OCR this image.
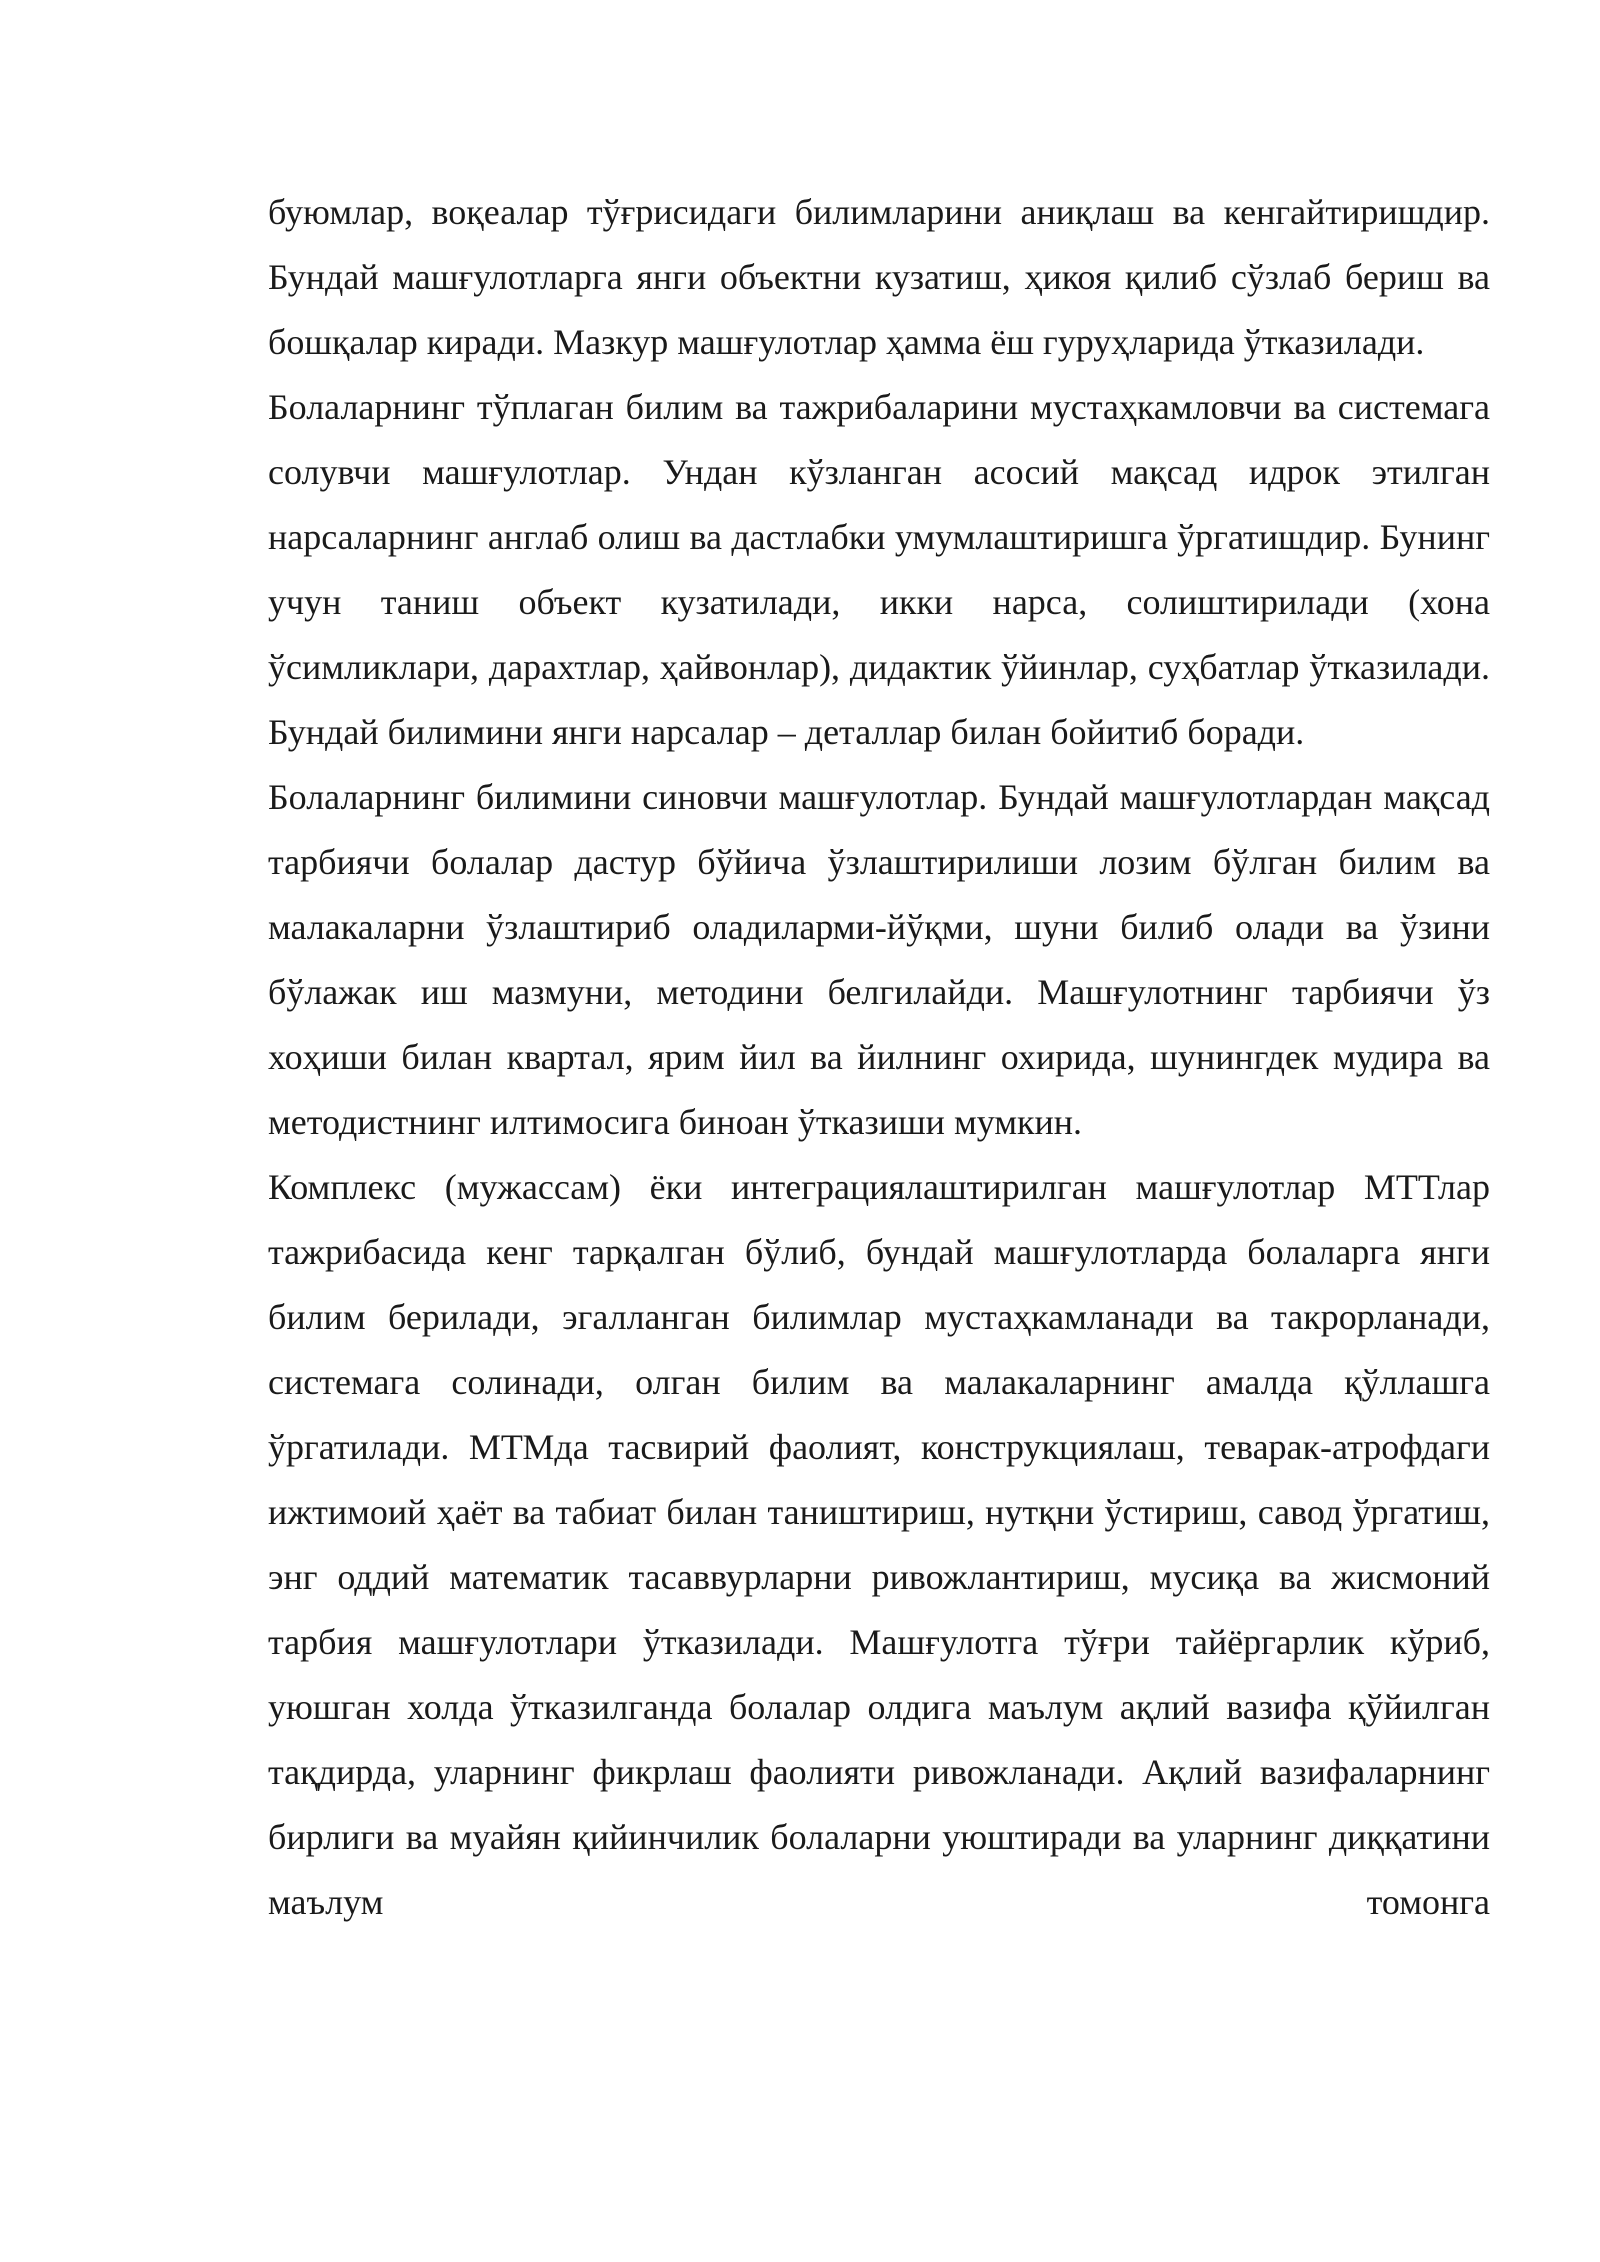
буюмлар, воқеалар тўғрисидаги билимларини аниқлаш ва кенгайтиришдир. Бундай машғулотларга янги объектни кузатиш, ҳикоя қилиб сўзлаб бериш ва бошқалар киради. Мазкур машғулотлар ҳамма ёш гуруҳларида ўтказилади.

Болаларнинг тўплаган билим ва тажрибаларини мустаҳкамловчи ва системага солувчи машғулотлар. Ундан кўзланган асосий мақсад идрок этилган нарсаларнинг англаб олиш ва дастлабки умумлаштиришга ўргатишдир. Бунинг учун таниш объект кузатилади, икки нарса, солиштирилади (хона ўсимликлари, дарахтлар, ҳайвонлар), дидактик ўйинлар, суҳбатлар ўтказилади. Бундай билимини янги нарсалар – деталлар билан бойитиб боради.

Болаларнинг билимини синовчи машғулотлар. Бундай машғулотлардан мақсад тарбиячи болалар дастур бўйича ўзлаштирилиши лозим бўлган билим ва малакаларни ўзлаштириб оладиларми-йўқми, шуни билиб олади ва ўзини бўлажак иш мазмуни, методини белгилайди. Машғулотнинг тарбиячи ўз хоҳиши билан квартал, ярим йил ва йилнинг охирида, шунингдек мудира ва методистнинг илтимосига биноан ўтказиши мумкин.

Комплекс (мужассам) ёки интеграциялаштирилган машғулотлар МТТлар тажрибасида кенг тарқалган бўлиб, бундай машғулотларда болаларга янги билим берилади, эгалланган билимлар мустаҳкамланади ва такрорланади, системага солинади, олган билим ва малакаларнинг амалда қўллашга ўргатилади. МТМда тасвирий фаолият, конструкциялаш, теварак-атрофдаги ижтимоий ҳаёт ва табиат билан таништириш, нутқни ўстириш, савод ўргатиш, энг оддий математик тасаввурларни ривожлантириш, мусиқа ва жисмоний тарбия машғулотлари ўтказилади. Машғулотга тўғри тайёргарлик кўриб, уюшган холда ўтказилганда болалар олдига маълум ақлий вазифа қўйилган тақдирда, уларнинг фикрлаш фаолияти ривожланади. Ақлий вазифаларнинг бирлиги ва муайян қийинчилик болаларни уюштиради ва уларнинг диққатини маълум томонга
